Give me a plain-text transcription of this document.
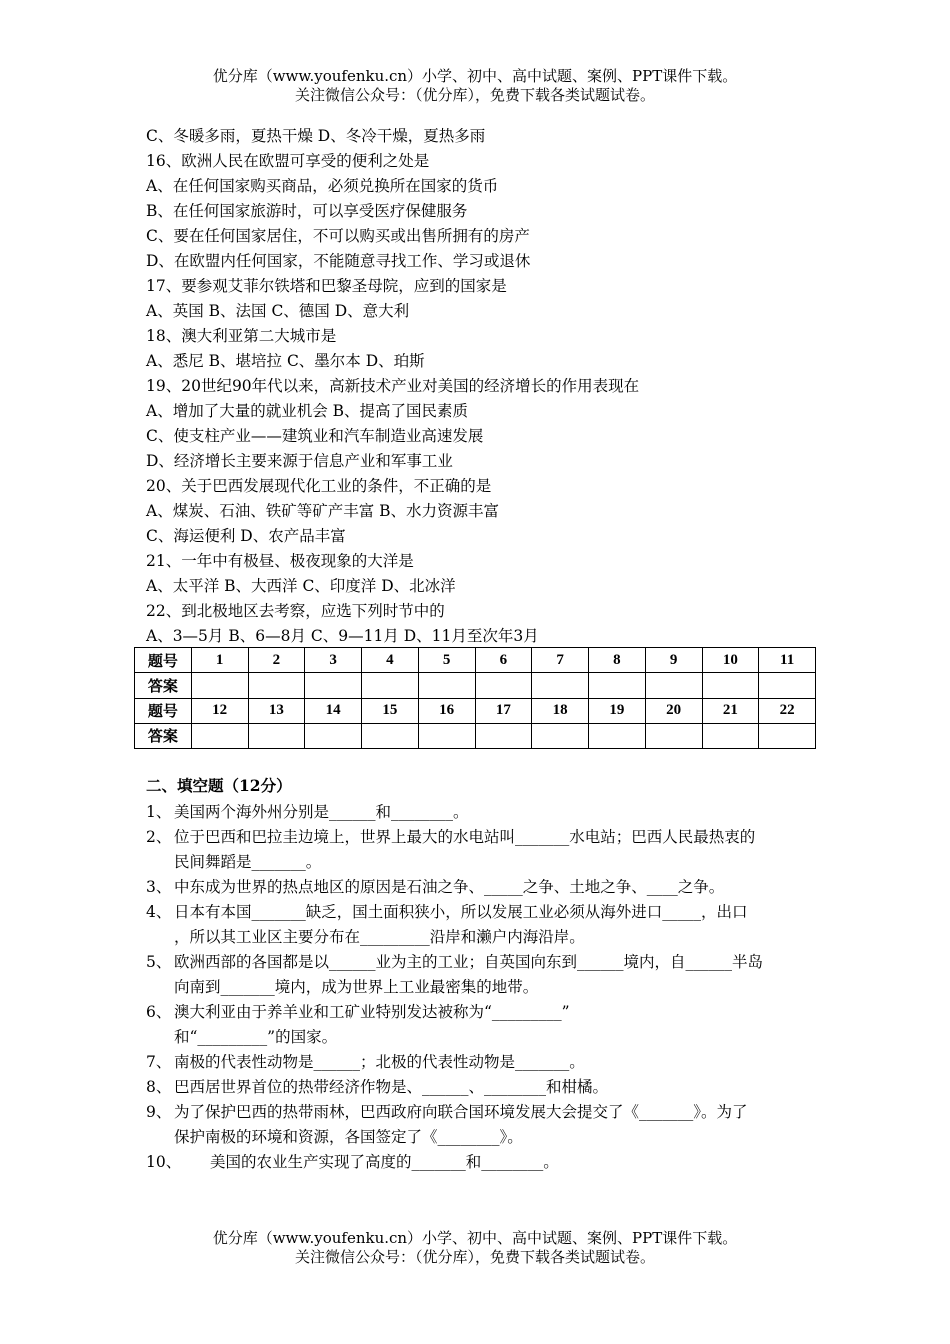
优分库（www.youfenku.cn）小学、初中、高中试题、案例、PPT课件下载。
关注微信公众号：（优分库），免费下载各类试题试卷。
C、冬暖多雨，夏热干燥 D、冬冷干燥，夏热多雨
16、欧洲人民在欧盟可享受的便利之处是
A、在任何国家购买商品，必须兑换所在国家的货币
B、在任何国家旅游时，可以享受医疗保健服务
C、要在任何国家居住，不可以购买或出售所拥有的房产
D、在欧盟内任何国家，不能随意寻找工作、学习或退休
17、要参观艾菲尔铁塔和巴黎圣母院，应到的国家是
A、英国 B、法国 C、德国 D、意大利
18、澳大利亚第二大城市是
A、悉尼 B、堪培拉 C、墨尔本 D、珀斯
19、20世纪90年代以来，高新技术产业对美国的经济增长的作用表现在
A、增加了大量的就业机会 B、提高了国民素质
C、使支柱产业——建筑业和汽车制造业高速发展
D、经济增长主要来源于信息产业和军事工业
20、关于巴西发展现代化工业的条件，不正确的是
A、煤炭、石油、铁矿等矿产丰富 B、水力资源丰富
C、海运便利 D、农产品丰富
21、一年中有极昼、极夜现象的大洋是
A、太平洋 B、大西洋 C、印度洋 D、北冰洋
22、到北极地区去考察，应选下列时节中的
A、3—5月 B、6—8月 C、9—11月 D、11月至次年3月
题号	1	2	3	4	5	6	7	8	9	10	11
答案											
题号	12	13	14	15	16	17	18	19	20	21	22
答案											
二、填空题（12分）
1、 美国两个海外州分别是______和________。
2、 位于巴西和巴拉圭边境上，世界上最大的水电站叫_______水电站；巴西人民最热衷的
民间舞蹈是_______。
3、 中东成为世界的热点地区的原因是石油之争、_____之争、土地之争、____之争。
4、 日本有本国_______缺乏，国土面积狭小，所以发展工业必须从海外进口_____，出口
，所以其工业区主要分布在_________沿岸和濑户内海沿岸。
5、 欧洲西部的各国都是以______业为主的工业；自英国向东到______境内，自______半岛
向南到_______境内，成为世界上工业最密集的地带。
6、 澳大利亚由于养羊业和工矿业特别发达被称为“_________”
和“_________”的国家。
7、 南极的代表性动物是______；北极的代表性动物是_______。
8、 巴西居世界首位的热带经济作物是、______、________和柑橘。
9、 为了保护巴西的热带雨林，巴西政府向联合国环境发展大会提交了《_______》。为了
保护南极的环境和资源，各国签定了《________》。
10、 美国的农业生产实现了高度的_______和________。
优分库（www.youfenku.cn）小学、初中、高中试题、案例、PPT课件下载。
关注微信公众号：（优分库），免费下载各类试题试卷。
